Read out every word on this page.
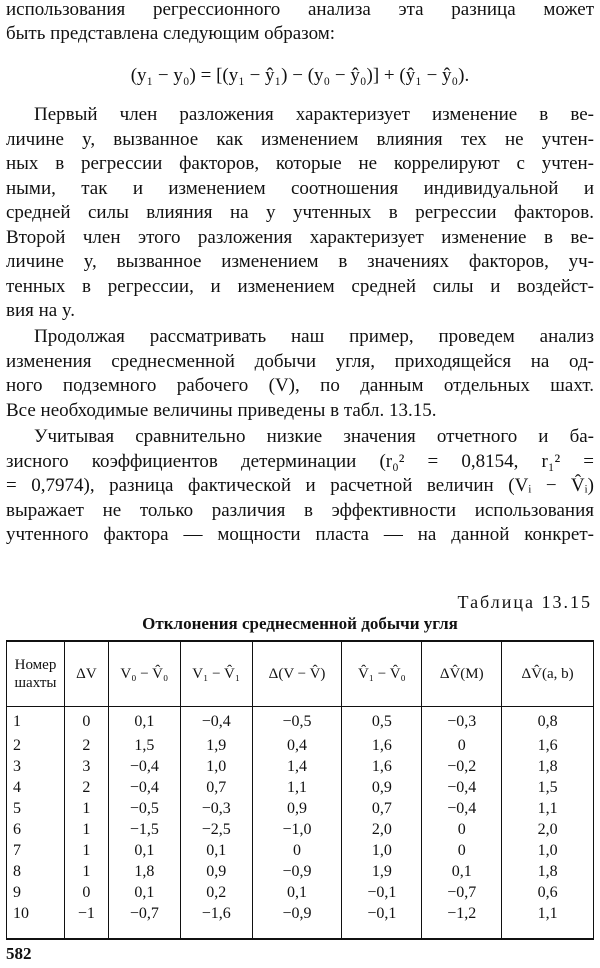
использования регрессионного анализа эта разница может
быть представлена следующим образом:
(y₁ − y₀) = [(y₁ − ŷ₁) − (y₀ − ŷ₀)] + (ŷ₁ − ŷ₀).
Первый член разложения характеризует изменение в ве-
личине y, вызванное как изменением влияния тех не учтен-
ных в регрессии факторов, которые не коррелируют с учтен-
ными, так и изменением соотношения индивидуальной и
средней силы влияния на y учтенных в регрессии факторов.
Второй член этого разложения характеризует изменение в ве-
личине y, вызванное изменением в значениях факторов, уч-
тенных в регрессии, и изменением средней силы и воздейст-
вия на y.
Продолжая рассматривать наш пример, проведем анализ
изменения среднесменной добычи угля, приходящейся на од-
ного подземного рабочего (V), по данным отдельных шахт.
Все необходимые величины приведены в табл. 13.15.
Учитывая сравнительно низкие значения отчетного и ба-
зисного коэффициентов детерминации (r₀² = 0,8154, r₁² =
= 0,7974), разница фактической и расчетной величин (Vᵢ − V̂ᵢ)
выражает не только различия в эффективности использования
учтенного фактора — мощности пласта — на данной конкрет-
Таблица 13.15
Отклонения среднесменной добычи угля
Номер шахты	ΔV	V₀ − V̂₀	V₁ − V̂₁	Δ(V − V̂)	V̂₁ − V̂₀	ΔV̂(M)	ΔV̂(a, b)
1	0	0,1	−0,4	−0,5	0,5	−0,3	0,8
2	2	1,5	1,9	0,4	1,6	0	1,6
3	3	−0,4	1,0	1,4	1,6	−0,2	1,8
4	2	−0,4	0,7	1,1	0,9	−0,4	1,5
5	1	−0,5	−0,3	0,9	0,7	−0,4	1,1
6	1	−1,5	−2,5	−1,0	2,0	0	2,0
7	1	0,1	0,1	0	1,0	0	1,0
8	1	1,8	0,9	−0,9	1,9	0,1	1,8
9	0	0,1	0,2	0,1	−0,1	−0,7	0,6
10	−1	−0,7	−1,6	−0,9	−0,1	−1,2	1,1
582
